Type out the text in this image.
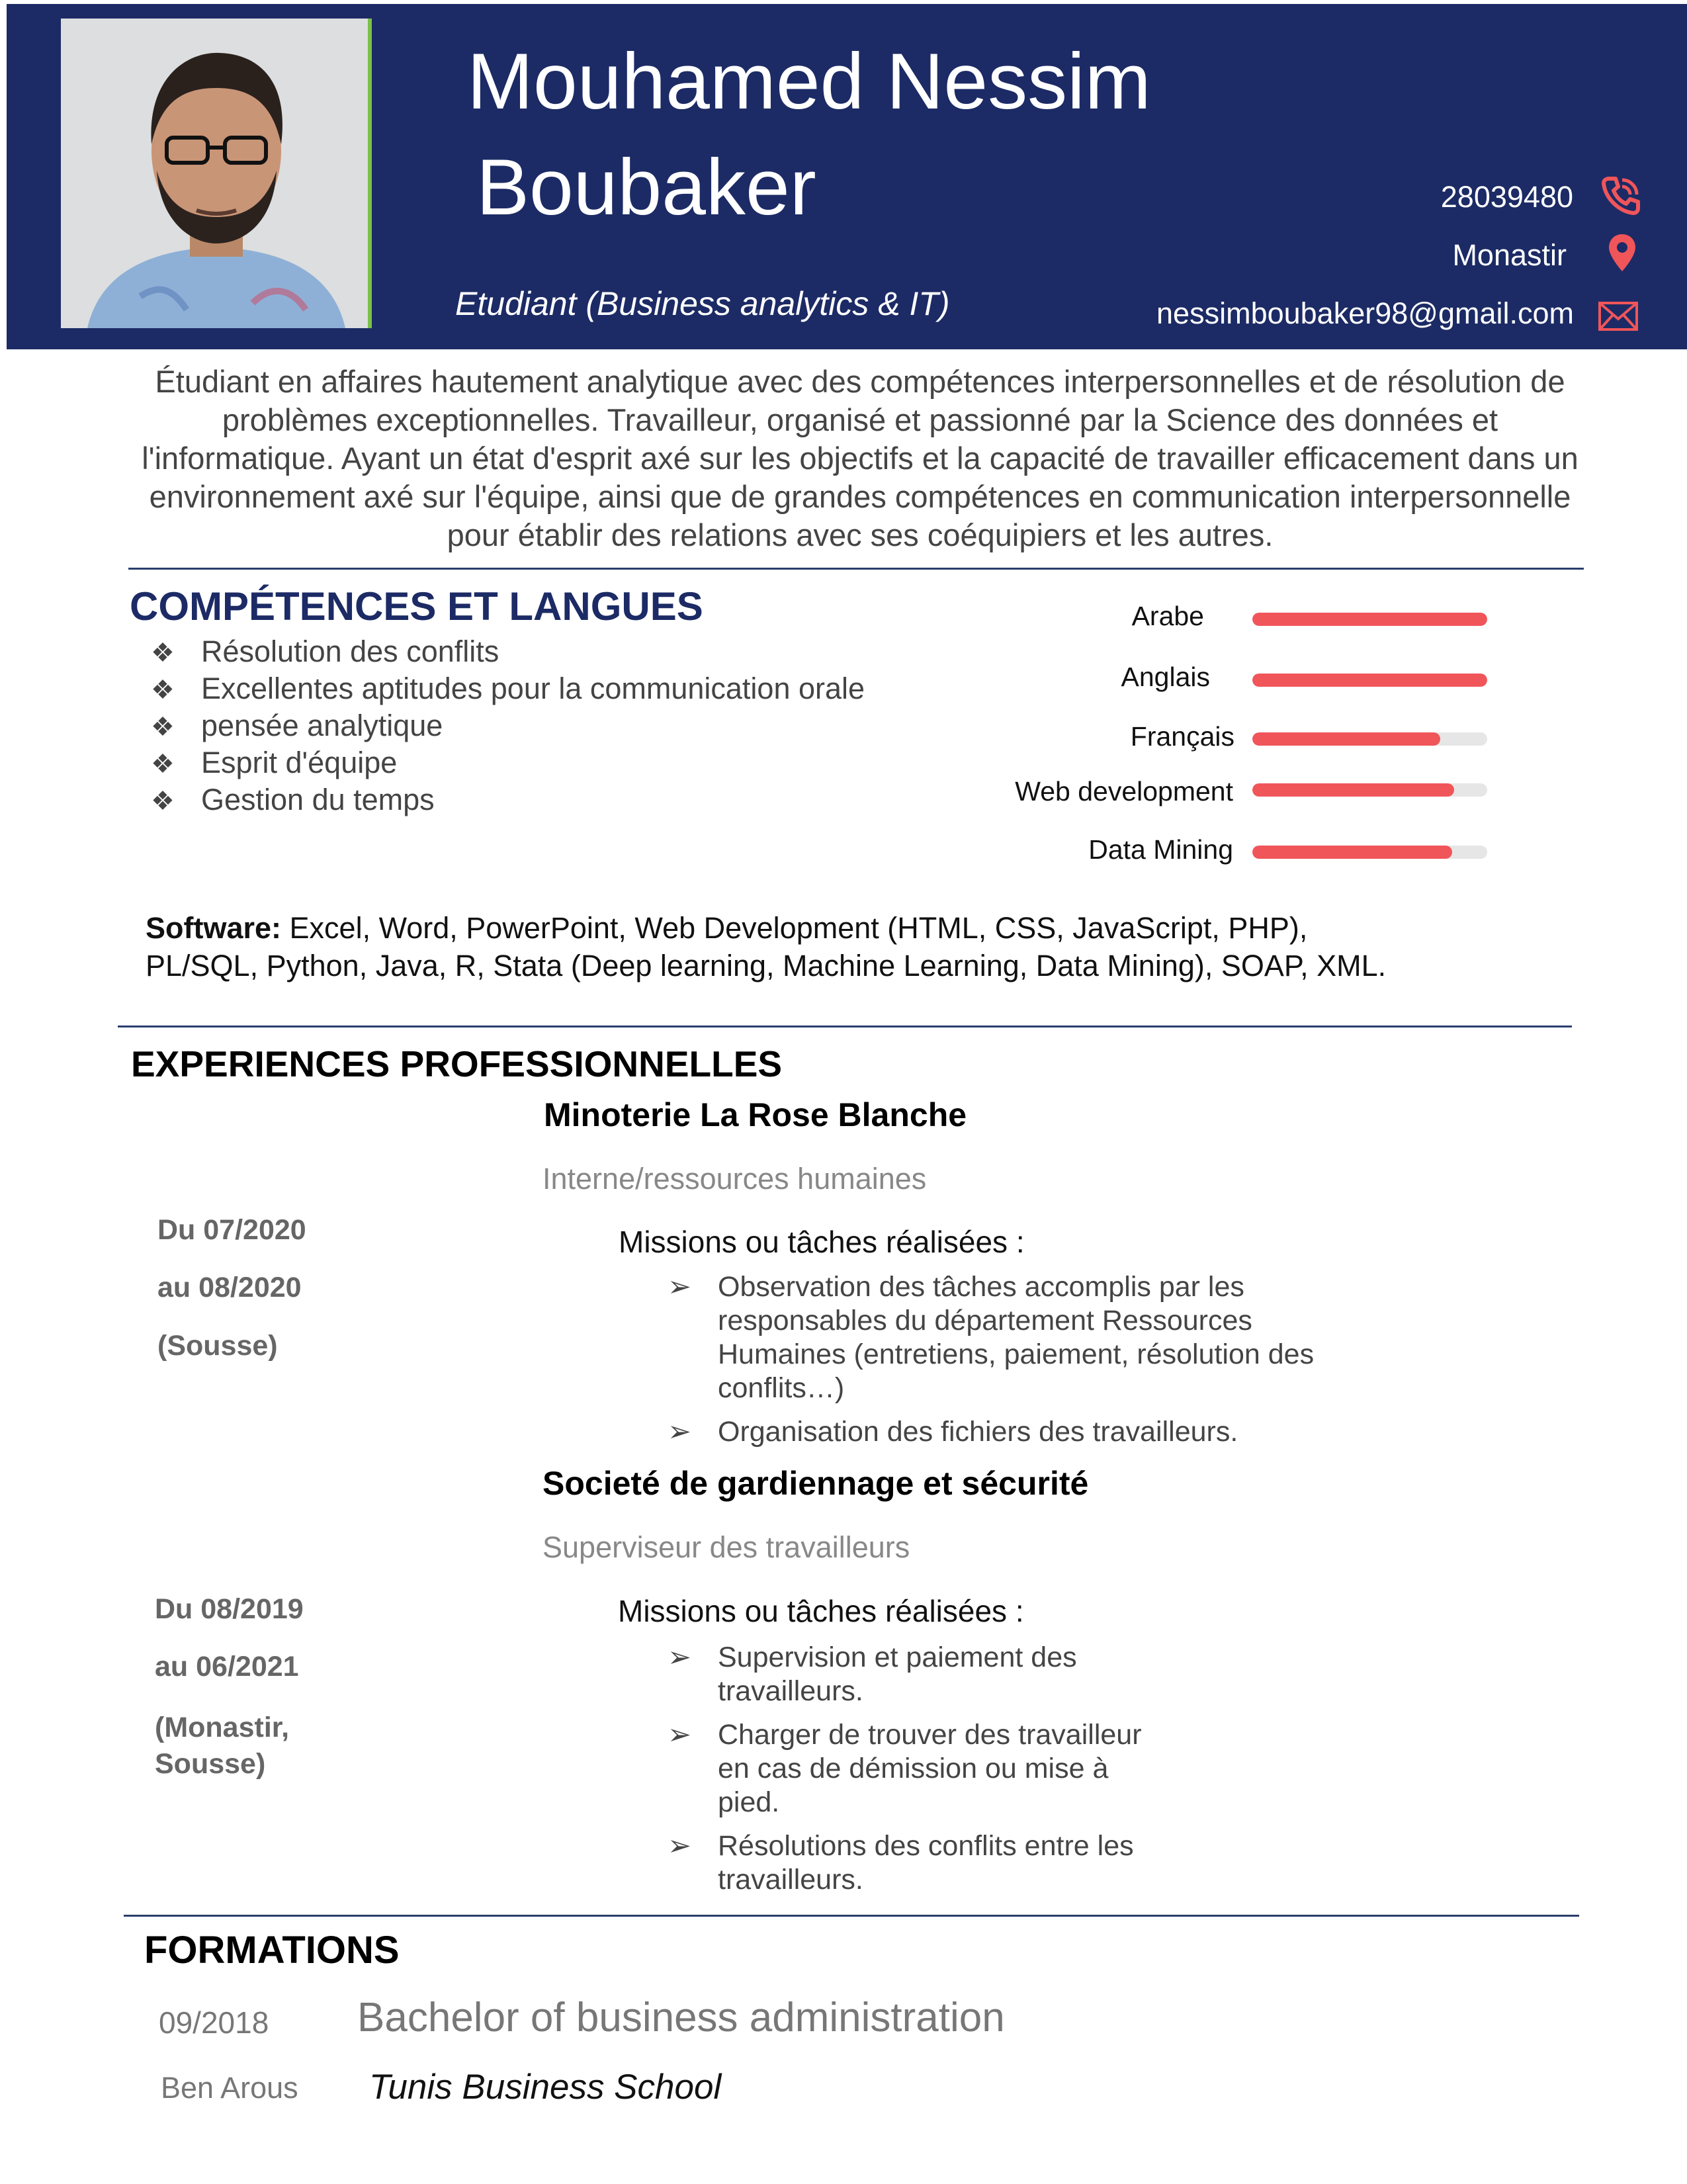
Mouhamed Nessim
Boubaker
Etudiant (Business analytics & IT)
28039480
Monastir
nessimboubaker98@gmail.com
Étudiant en affaires hautement analytique avec des compétences interpersonnelles et de résolution de problèmes exceptionnelles. Travailleur, organisé et passionné par la Science des données et l'informatique. Ayant un état d'esprit axé sur les objectifs et la capacité de travailler efficacement dans un environnement axé sur l'équipe, ainsi que de grandes compétences en communication interpersonnelle pour établir des relations avec ses coéquipiers et les autres.
COMPÉTENCES ET LANGUES
❖ Résolution des conflits
❖ Excellentes aptitudes pour la communication orale
❖ pensée analytique
❖ Esprit d'équipe
❖ Gestion du temps
Arabe
Anglais
Français
Web development
Data Mining
Software: Excel, Word, PowerPoint, Web Development (HTML, CSS, JavaScript, PHP), PL/SQL, Python, Java, R, Stata (Deep learning, Machine Learning, Data Mining), SOAP, XML.
EXPERIENCES PROFESSIONNELLES
Minoterie La Rose Blanche
Interne/ressources humaines
Missions ou tâches réalisées :
Du 07/2020
au 08/2020
(Sousse)
➢ Observation des tâches accomplis par les responsables du département Ressources Humaines (entretiens, paiement, résolution des conflits…)
➢ Organisation des fichiers des travailleurs.
Societé de gardiennage et sécurité
Superviseur des travailleurs
Missions ou tâches réalisées :
Du 08/2019
au 06/2021
(Monastir, Sousse)
➢ Supervision et paiement des travailleurs.
➢ Charger de trouver des travailleur en cas de démission ou mise à pied.
➢ Résolutions des conflits entre les travailleurs.
FORMATIONS
09/2018 Bachelor of business administration
Ben Arous Tunis Business School
